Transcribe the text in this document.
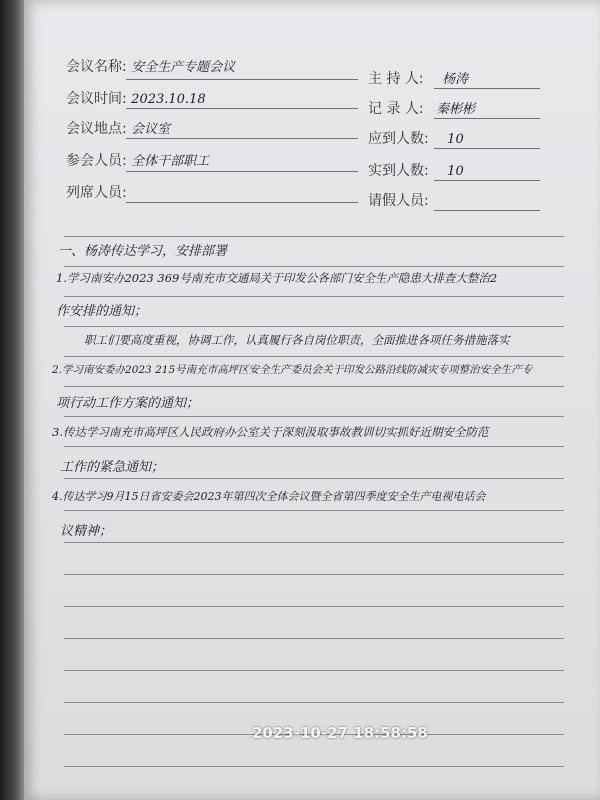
会议名称: 安全生产专题会议
主 持 人: 杨涛
会议时间: 2023.10.18
记 录 人: 秦彬彬
会议地点: 会议室
应到人数: 10
参会人员: 全体干部职工
实到人数: 10
列席人员:	请假人员:
一、杨涛传达学习，安排部署
1.学习南安办2023 369号南充市交通局关于印发公各部门安全生产隐患大排查大整治2
作安排的通知；
职工们要高度重视，协调工作，认真履行各自岗位职责，全面推进各项任务措施落实
2.学习南安委办2023 215号南充市高坪区安全生产委员会关于印发公路沿线防减灾专项整治安全生产专
项行动工作方案的通知；
3.传达学习南充市高坪区人民政府办公室关于深刻汲取事故教训切实抓好近期安全防范
工作的紧急通知；
4.传达学习9月15日省安委会2023年第四次全体会议暨全省第四季度安全生产电视电话会
议精神；
2023-10-27 18:58:58
